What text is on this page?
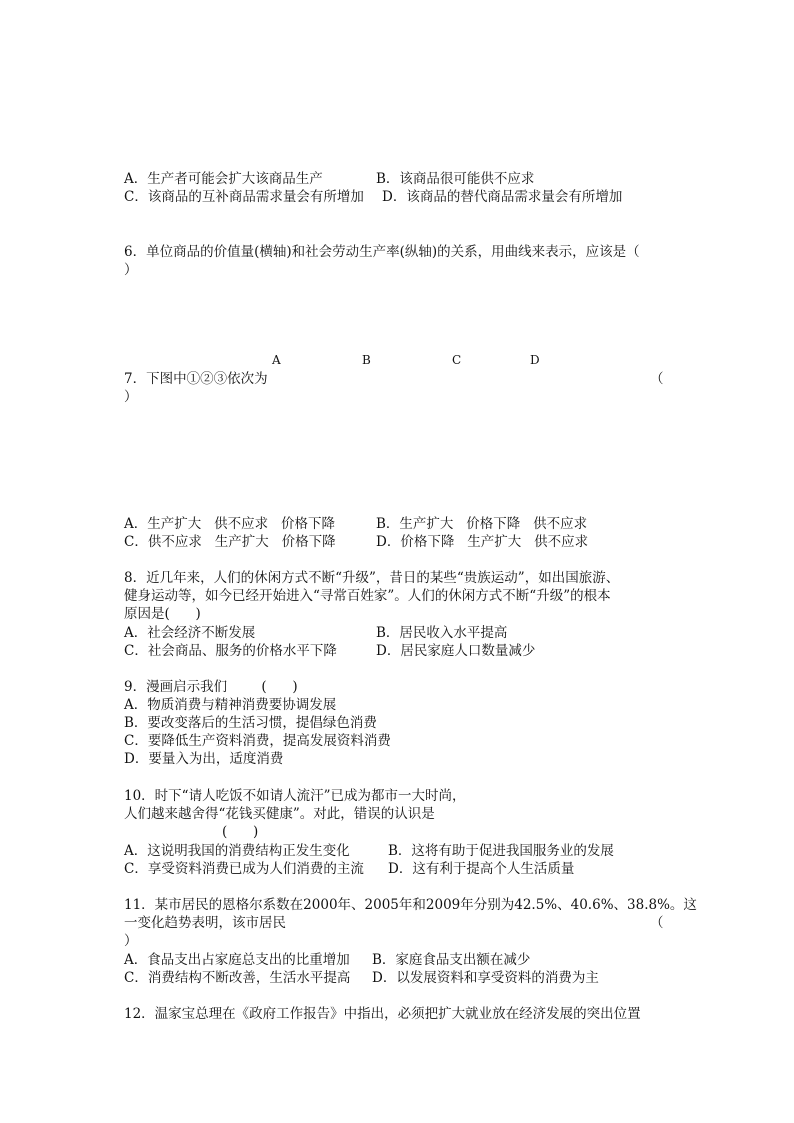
A．生产者可能会扩大该商品生产	B．该商品很可能供不应求
C．该商品的互补商品需求量会有所增加 D．该商品的替代商品需求量会有所增加
6．单位商品的价值量(横轴)和社会劳动生产率(纵轴)的关系，用曲线来表示，应该是（
）
A	B	C	D
7．下图中①②③依次为	（
）
A．生产扩大   供不应求   价格下降	B．生产扩大   价格下降   供不应求
C．供不应求   生产扩大   价格下降	D．价格下降   生产扩大   供不应求
8．近几年来，人们的休闲方式不断“升级”，昔日的某些“贵族运动”，如出国旅游、
健身运动等，如今已经开始进入“寻常百姓家”。人们的休闲方式不断“升级”的根本
原因是(      )
A．社会经济不断发展	B．居民收入水平提高
C．社会商品、服务的价格水平下降	D．居民家庭人口数量减少
9．漫画启示我们        (      )
A．物质消费与精神消费要协调发展
B．要改变落后的生活习惯，提倡绿色消费
C．要降低生产资料消费，提高发展资料消费
D．要量入为出，适度消费
10．时下“请人吃饭不如请人流汗”已成为都市一大时尚，
人们越来越舍得“花钱买健康”。对此，错误的认识是
(      )
A．这说明我国的消费结构正发生变化	B．这将有助于促进我国服务业的发展
C．享受资料消费已成为人们消费的主流 D．这有利于提高个人生活质量
11．某市居民的恩格尔系数在2000年、2005年和2009年分别为42.5%、40.6%、38.8%。这
一变化趋势表明，该市居民	（
）
A．食品支出占家庭总支出的比重增加 B．家庭食品支出额在减少
C．消费结构不断改善，生活水平提高 D．以发展资料和享受资料的消费为主
12．温家宝总理在《政府工作报告》中指出，必须把扩大就业放在经济发展的突出位置
